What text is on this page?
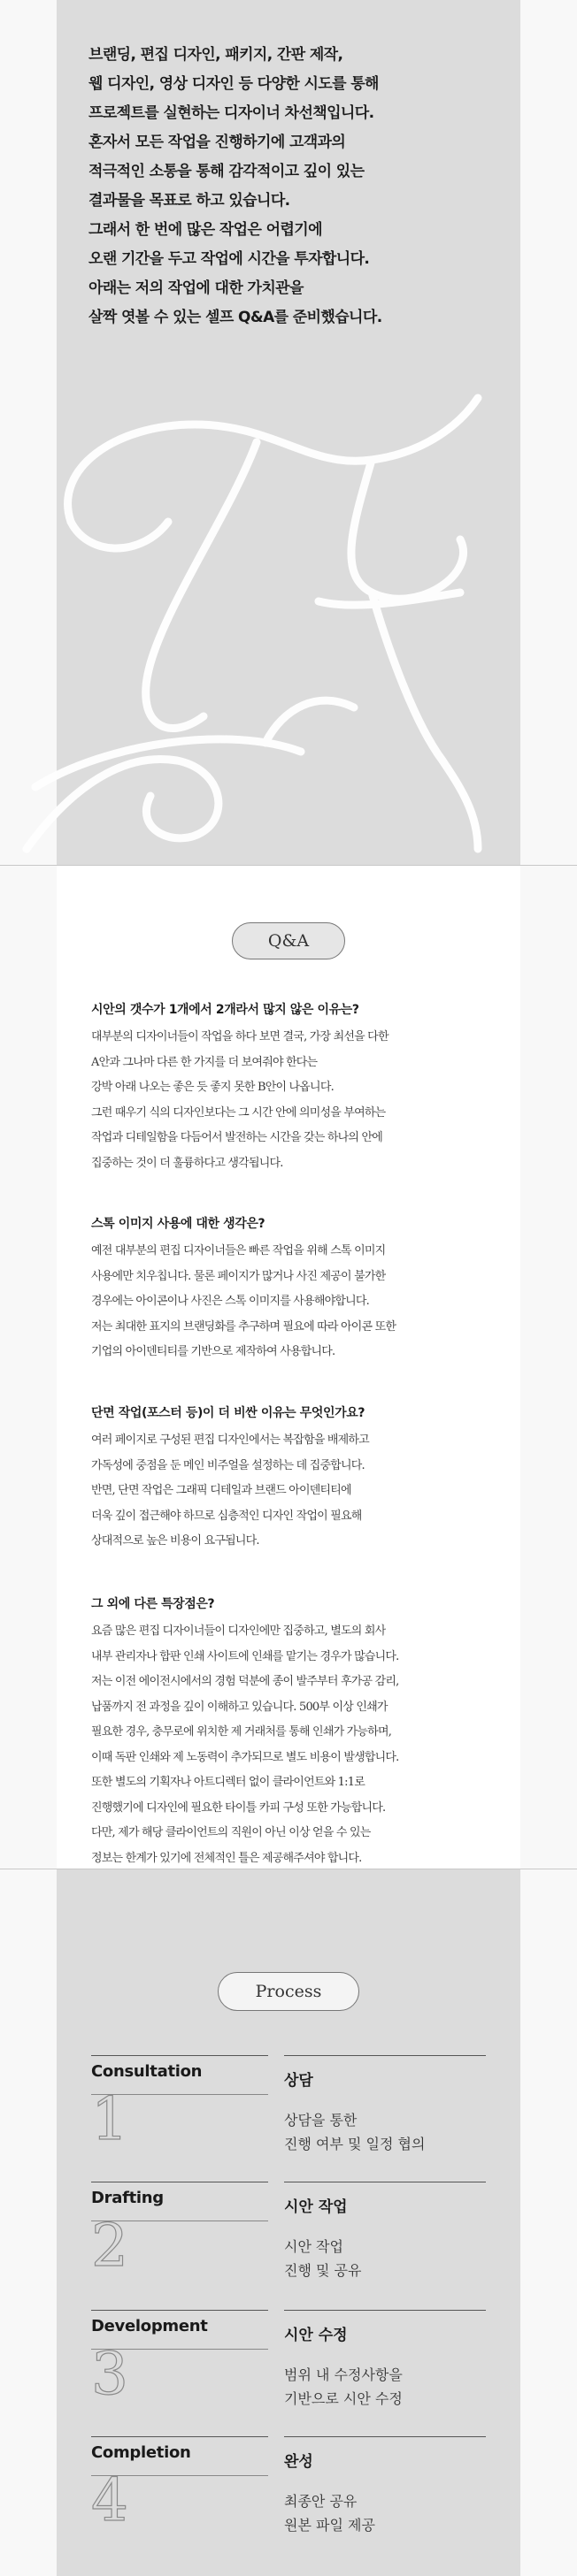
브랜딩, 편집 디자인, 패키지, 간판 제작,

웹 디자인, 영상 디자인 등 다양한 시도를 통해

프로젝트를 실현하는 디자이너 차선책입니다.

혼자서 모든 작업을 진행하기에 고객과의

적극적인 소통을 통해 감각적이고 깊이 있는

결과물을 목표로 하고 있습니다.

그래서 한 번에 많은 작업은 어렵기에

오랜 기간을 두고 작업에 시간을 투자합니다.

아래는 저의 작업에 대한 가치관을

살짝 엿볼 수 있는 셀프 Q&A를 준비했습니다.

Q&A
시안의 갯수가 1개에서 2개라서 많지 않은 이유는?
대부분의 디자이너들이 작업을 하다 보면 결국, 가장 최선을 다한
A안과 그나마 다른 한 가지를 더 보여줘야 한다는
강박 아래 나오는 좋은 듯 좋지 못한 B안이 나옵니다.
그런 때우기 식의 디자인보다는 그 시간 안에 의미성을 부여하는
작업과 디테일함을 다듬어서 발전하는 시간을 갖는 하나의 안에
집중하는 것이 더 훌륭하다고 생각됩니다.
스톡 이미지 사용에 대한 생각은?
예전 대부분의 편집 디자이너들은 빠른 작업을 위해 스톡 이미지
사용에만 치우칩니다. 물론 페이지가 많거나 사진 제공이 불가한
경우에는 아이콘이나 사진은 스톡 이미지를 사용해야합니다.
저는 최대한 표지의 브랜딩화를 추구하며 필요에 따라 아이콘 또한
기업의 아이덴티티를 기반으로 제작하여 사용합니다.
단면 작업(포스터 등)이 더 비싼 이유는 무엇인가요?
여러 페이지로 구성된 편집 디자인에서는 복잡함을 배제하고
가독성에 중점을 둔 메인 비주얼을 설정하는 데 집중합니다.
반면, 단면 작업은 그래픽 디테일과 브랜드 아이덴티티에
더욱 깊이 접근해야 하므로 심층적인 디자인 작업이 필요해
상대적으로 높은 비용이 요구됩니다.
그 외에 다른 특장점은?
요즘 많은 편집 디자이너들이 디자인에만 집중하고, 별도의 회사
내부 관리자나 합판 인쇄 사이트에 인쇄를 맡기는 경우가 많습니다.
저는 이전 에이전시에서의 경험 덕분에 종이 발주부터 후가공 감리,
납품까지 전 과정을 깊이 이해하고 있습니다. 500부 이상 인쇄가
필요한 경우, 충무로에 위치한 제 거래처를 통해 인쇄가 가능하며,
이때 독판 인쇄와 제 노동력이 추가되므로 별도 비용이 발생합니다.
또한 별도의 기획자나 아트디렉터 없이 클라이언트와 1:1로
진행했기에 디자인에 필요한 타이틀 카피 구성 또한 가능합니다.
다만, 제가 해당 클라이언트의 직원이 아닌 이상 얻을 수 있는
정보는 한계가 있기에 전체적인 틀은 제공해주셔야 합니다.
Process
Consultation
1
상담
상담을 통한
진행 여부 및 일정 협의
Drafting
2
시안 작업
시안 작업
진행 및 공유
Development
3
시안 수정
범위 내 수정사항을
기반으로 시안 수정
Completion
4
완성
최종안 공유
원본 파일 제공
